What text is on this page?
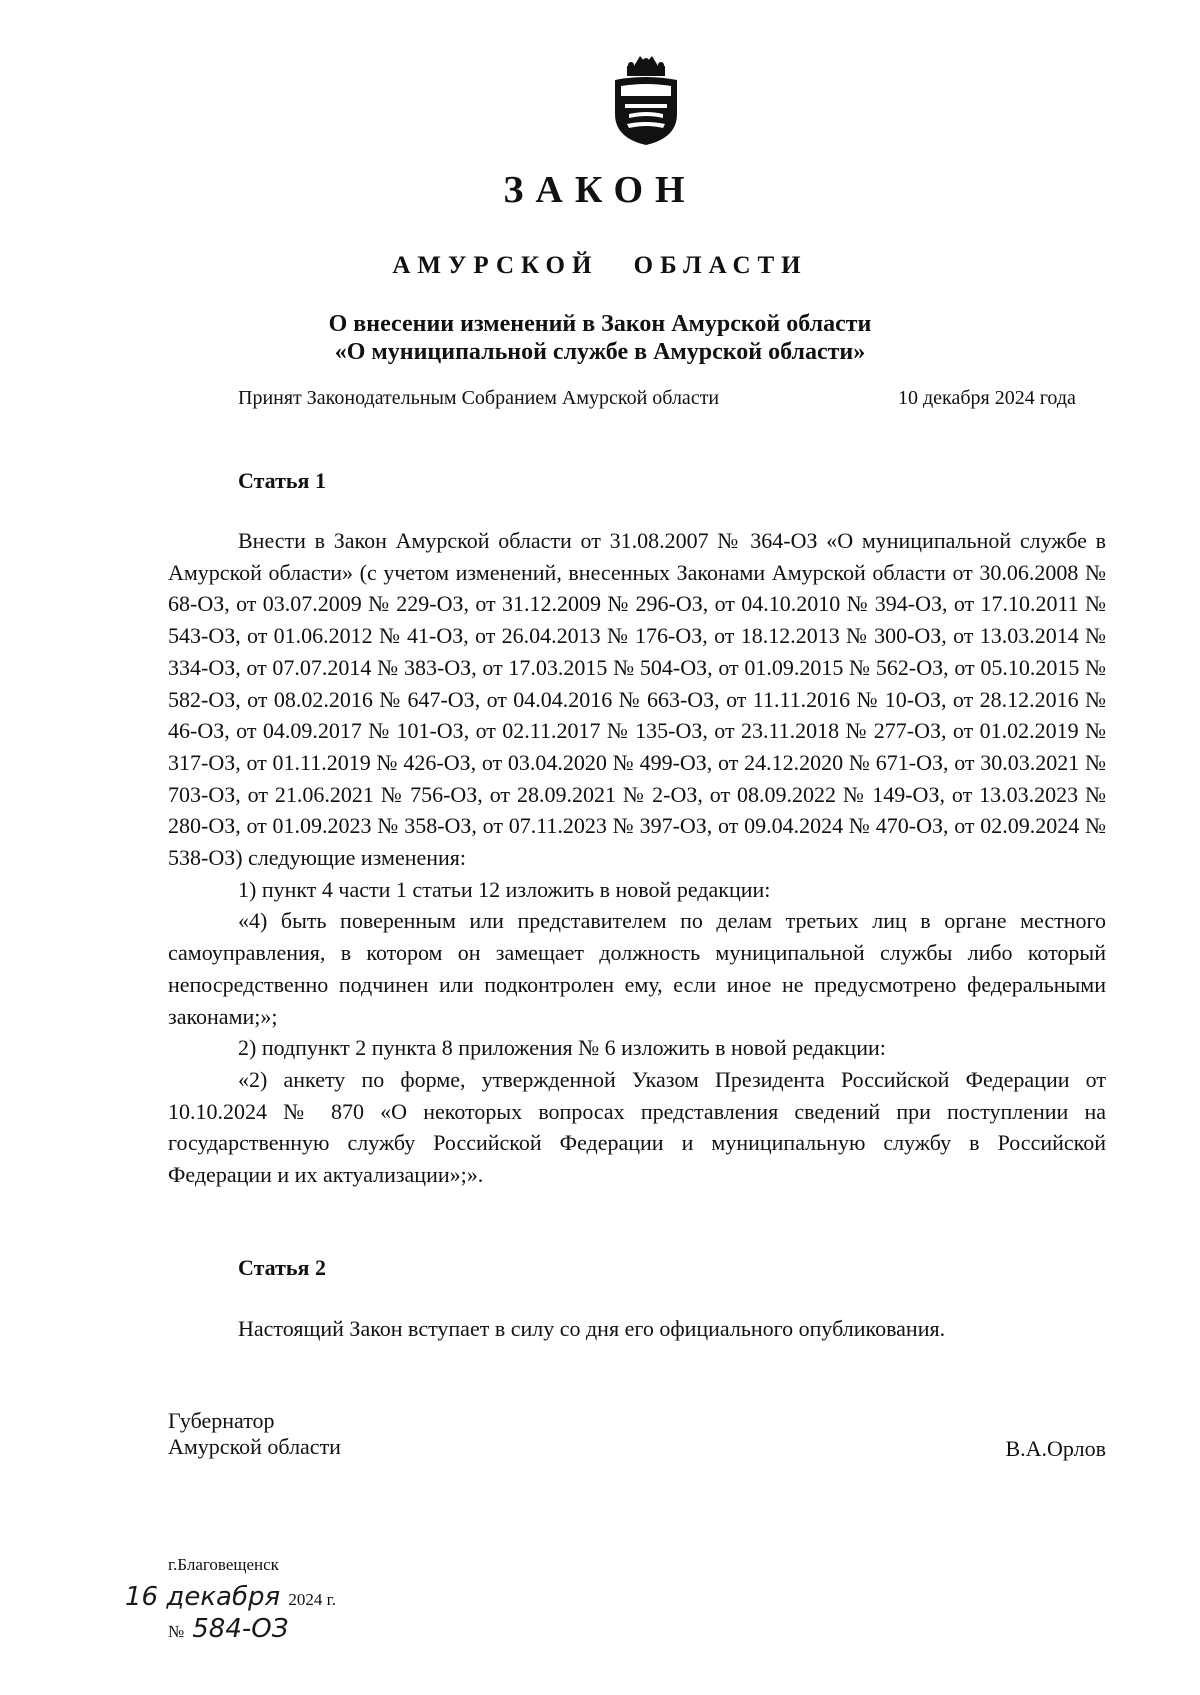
ЗАКОН
АМУРСКОЙ ОБЛАСТИ
О внесении изменений в Закон Амурской области
«О муниципальной службе в Амурской области»
Принят Законодательным Собранием Амурской области	10 декабря 2024 года
Статья 1

Внести в Закон Амурской области от 31.08.2007 № 364-ОЗ «О муниципальной службе в Амурской области» (с учетом изменений, внесенных Законами Амурской области от 30.06.2008 № 68-ОЗ, от 03.07.2009 № 229-ОЗ, от 31.12.2009 № 296-ОЗ, от 04.10.2010 № 394-ОЗ, от 17.10.2011 № 543-ОЗ, от 01.06.2012 № 41-ОЗ, от 26.04.2013 № 176-ОЗ, от 18.12.2013 № 300-ОЗ, от 13.03.2014 № 334-ОЗ, от 07.07.2014 № 383-ОЗ, от 17.03.2015 № 504-ОЗ, от 01.09.2015 № 562-ОЗ, от 05.10.2015 № 582-ОЗ, от 08.02.2016 № 647-ОЗ, от 04.04.2016 № 663-ОЗ, от 11.11.2016 № 10-ОЗ, от 28.12.2016 № 46-ОЗ, от 04.09.2017 № 101-ОЗ, от 02.11.2017 № 135-ОЗ, от 23.11.2018 № 277-ОЗ, от 01.02.2019 № 317-ОЗ, от 01.11.2019 № 426-ОЗ, от 03.04.2020 № 499-ОЗ, от 24.12.2020 № 671-ОЗ, от 30.03.2021 № 703-ОЗ, от 21.06.2021 № 756-ОЗ, от 28.09.2021 № 2-ОЗ, от 08.09.2022 № 149-ОЗ, от 13.03.2023 № 280-ОЗ, от 01.09.2023 № 358-ОЗ, от 07.11.2023 № 397-ОЗ, от 09.04.2024 № 470-ОЗ, от 02.09.2024 № 538-ОЗ) следующие изменения:

1) пункт 4 части 1 статьи 12 изложить в новой редакции:

«4) быть поверенным или представителем по делам третьих лиц в органе местного самоуправления, в котором он замещает должность муниципальной службы либо который непосредственно подчинен или подконтролен ему, если иное не предусмотрено федеральными законами;»;

2) подпункт 2 пункта 8 приложения № 6 изложить в новой редакции:

«2) анкету по форме, утвержденной Указом Президента Российской Федерации от 10.10.2024 № 870 «О некоторых вопросах представления сведений при поступлении на государственную службу Российской Федерации и муниципальную службу в Российской Федерации и их актуализации»;».

Статья 2
Настоящий Закон вступает в силу со дня его официального опубликования.
Губернатор
Амурской области	В.А.Орлов
г.Благовещенск
16 декабря 2024 г.
№ 584-ОЗ
